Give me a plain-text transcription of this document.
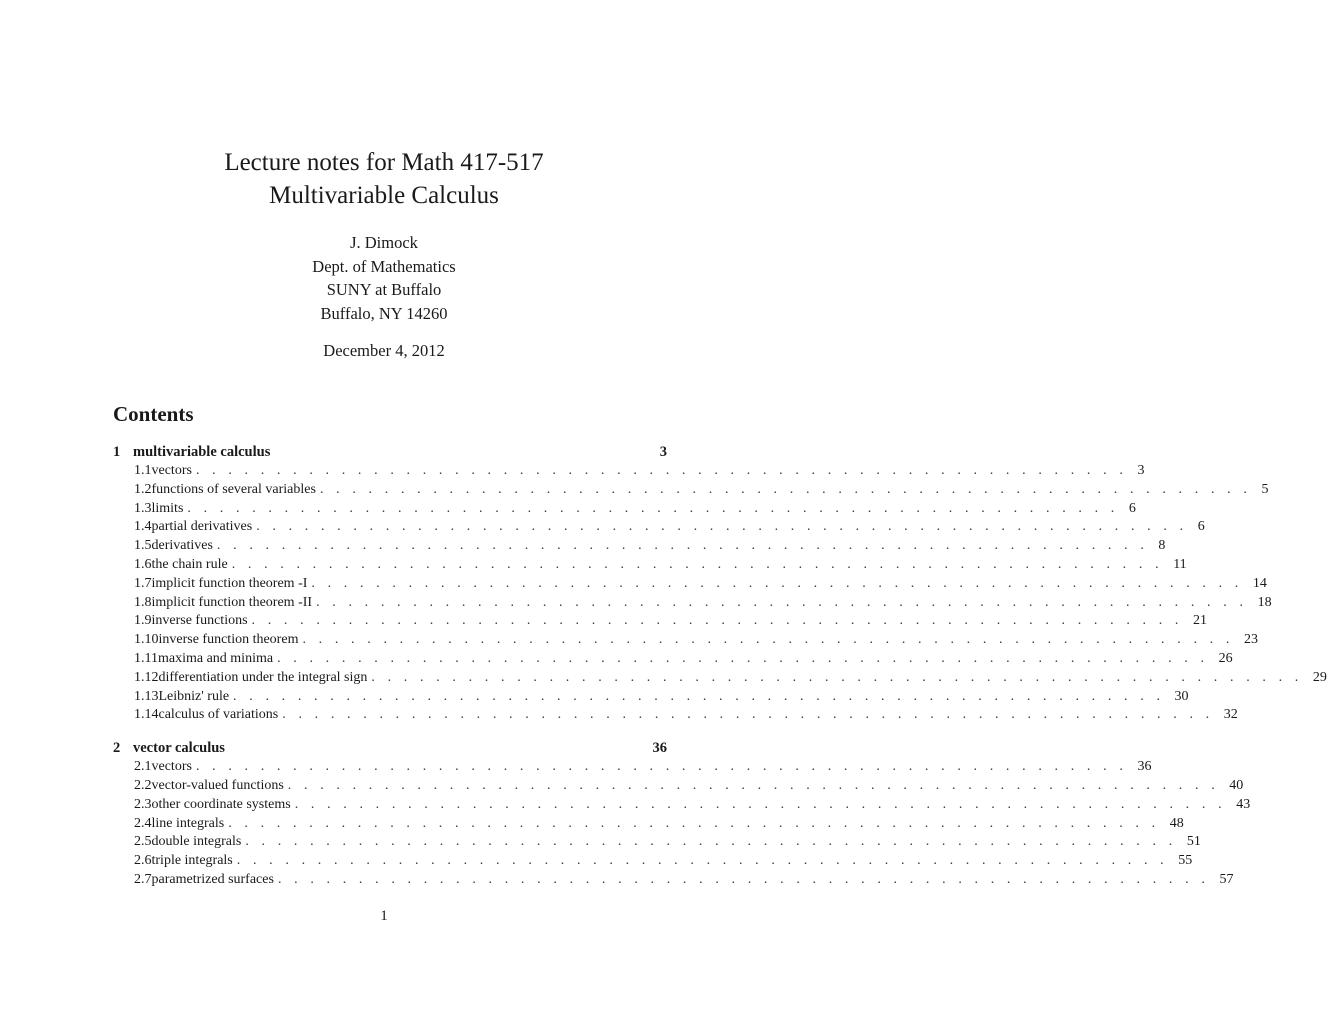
Lecture notes for Math 417-517
Multivariable Calculus
J. Dimock
Dept. of Mathematics
SUNY at Buffalo
Buffalo, NY 14260
December 4, 2012
Contents
1 multivariable calculus	3
1.1 vectors . . . . . . . . . . . . . . . . . . . . . . . . . . . . . . . . . . . . . . . . . . . . . . . . . . . . . . . . . . 3
1.2 functions of several variables . . . . . . . . . . . . . . . . . . . . . . . . . . . . . . . . . . . . . . . . . . . . . . . . . . . . . . . . . . 5
1.3 limits . . . . . . . . . . . . . . . . . . . . . . . . . . . . . . . . . . . . . . . . . . . . . . . . . . . . . . . . . . 6
1.4 partial derivatives . . . . . . . . . . . . . . . . . . . . . . . . . . . . . . . . . . . . . . . . . . . . . . . . . . . . . . . . . . 6
1.5 derivatives . . . . . . . . . . . . . . . . . . . . . . . . . . . . . . . . . . . . . . . . . . . . . . . . . . . . . . . . . . 8
1.6 the chain rule . . . . . . . . . . . . . . . . . . . . . . . . . . . . . . . . . . . . . . . . . . . . . . . . . . . . . . . . . . 11
1.7 implicit function theorem -I . . . . . . . . . . . . . . . . . . . . . . . . . . . . . . . . . . . . . . . . . . . . . . . . . . . . . . . . . . 14
1.8 implicit function theorem -II . . . . . . . . . . . . . . . . . . . . . . . . . . . . . . . . . . . . . . . . . . . . . . . . . . . . . . . . . . 18
1.9 inverse functions . . . . . . . . . . . . . . . . . . . . . . . . . . . . . . . . . . . . . . . . . . . . . . . . . . . . . . . . . . 21
1.10 inverse function theorem . . . . . . . . . . . . . . . . . . . . . . . . . . . . . . . . . . . . . . . . . . . . . . . . . . . . . . . . . . 23
1.11 maxima and minima . . . . . . . . . . . . . . . . . . . . . . . . . . . . . . . . . . . . . . . . . . . . . . . . . . . . . . . . . . 26
1.12 differentiation under the integral sign . . . . . . . . . . . . . . . . . . . . . . . . . . . . . . . . . . . . . . . . . . . . . . . . . . . . . . . . . . 29
1.13 Leibniz' rule . . . . . . . . . . . . . . . . . . . . . . . . . . . . . . . . . . . . . . . . . . . . . . . . . . . . . . . . . . 30
1.14 calculus of variations . . . . . . . . . . . . . . . . . . . . . . . . . . . . . . . . . . . . . . . . . . . . . . . . . . . . . . . . . . 32
2 vector calculus	36
2.1 vectors . . . . . . . . . . . . . . . . . . . . . . . . . . . . . . . . . . . . . . . . . . . . . . . . . . . . . . . . . . 36
2.2 vector-valued functions . . . . . . . . . . . . . . . . . . . . . . . . . . . . . . . . . . . . . . . . . . . . . . . . . . . . . . . . . . 40
2.3 other coordinate systems . . . . . . . . . . . . . . . . . . . . . . . . . . . . . . . . . . . . . . . . . . . . . . . . . . . . . . . . . . 43
2.4 line integrals . . . . . . . . . . . . . . . . . . . . . . . . . . . . . . . . . . . . . . . . . . . . . . . . . . . . . . . . . . 48
2.5 double integrals . . . . . . . . . . . . . . . . . . . . . . . . . . . . . . . . . . . . . . . . . . . . . . . . . . . . . . . . . . 51
2.6 triple integrals . . . . . . . . . . . . . . . . . . . . . . . . . . . . . . . . . . . . . . . . . . . . . . . . . . . . . . . . . . 55
2.7 parametrized surfaces . . . . . . . . . . . . . . . . . . . . . . . . . . . . . . . . . . . . . . . . . . . . . . . . . . . . . . . . . . 57
1
